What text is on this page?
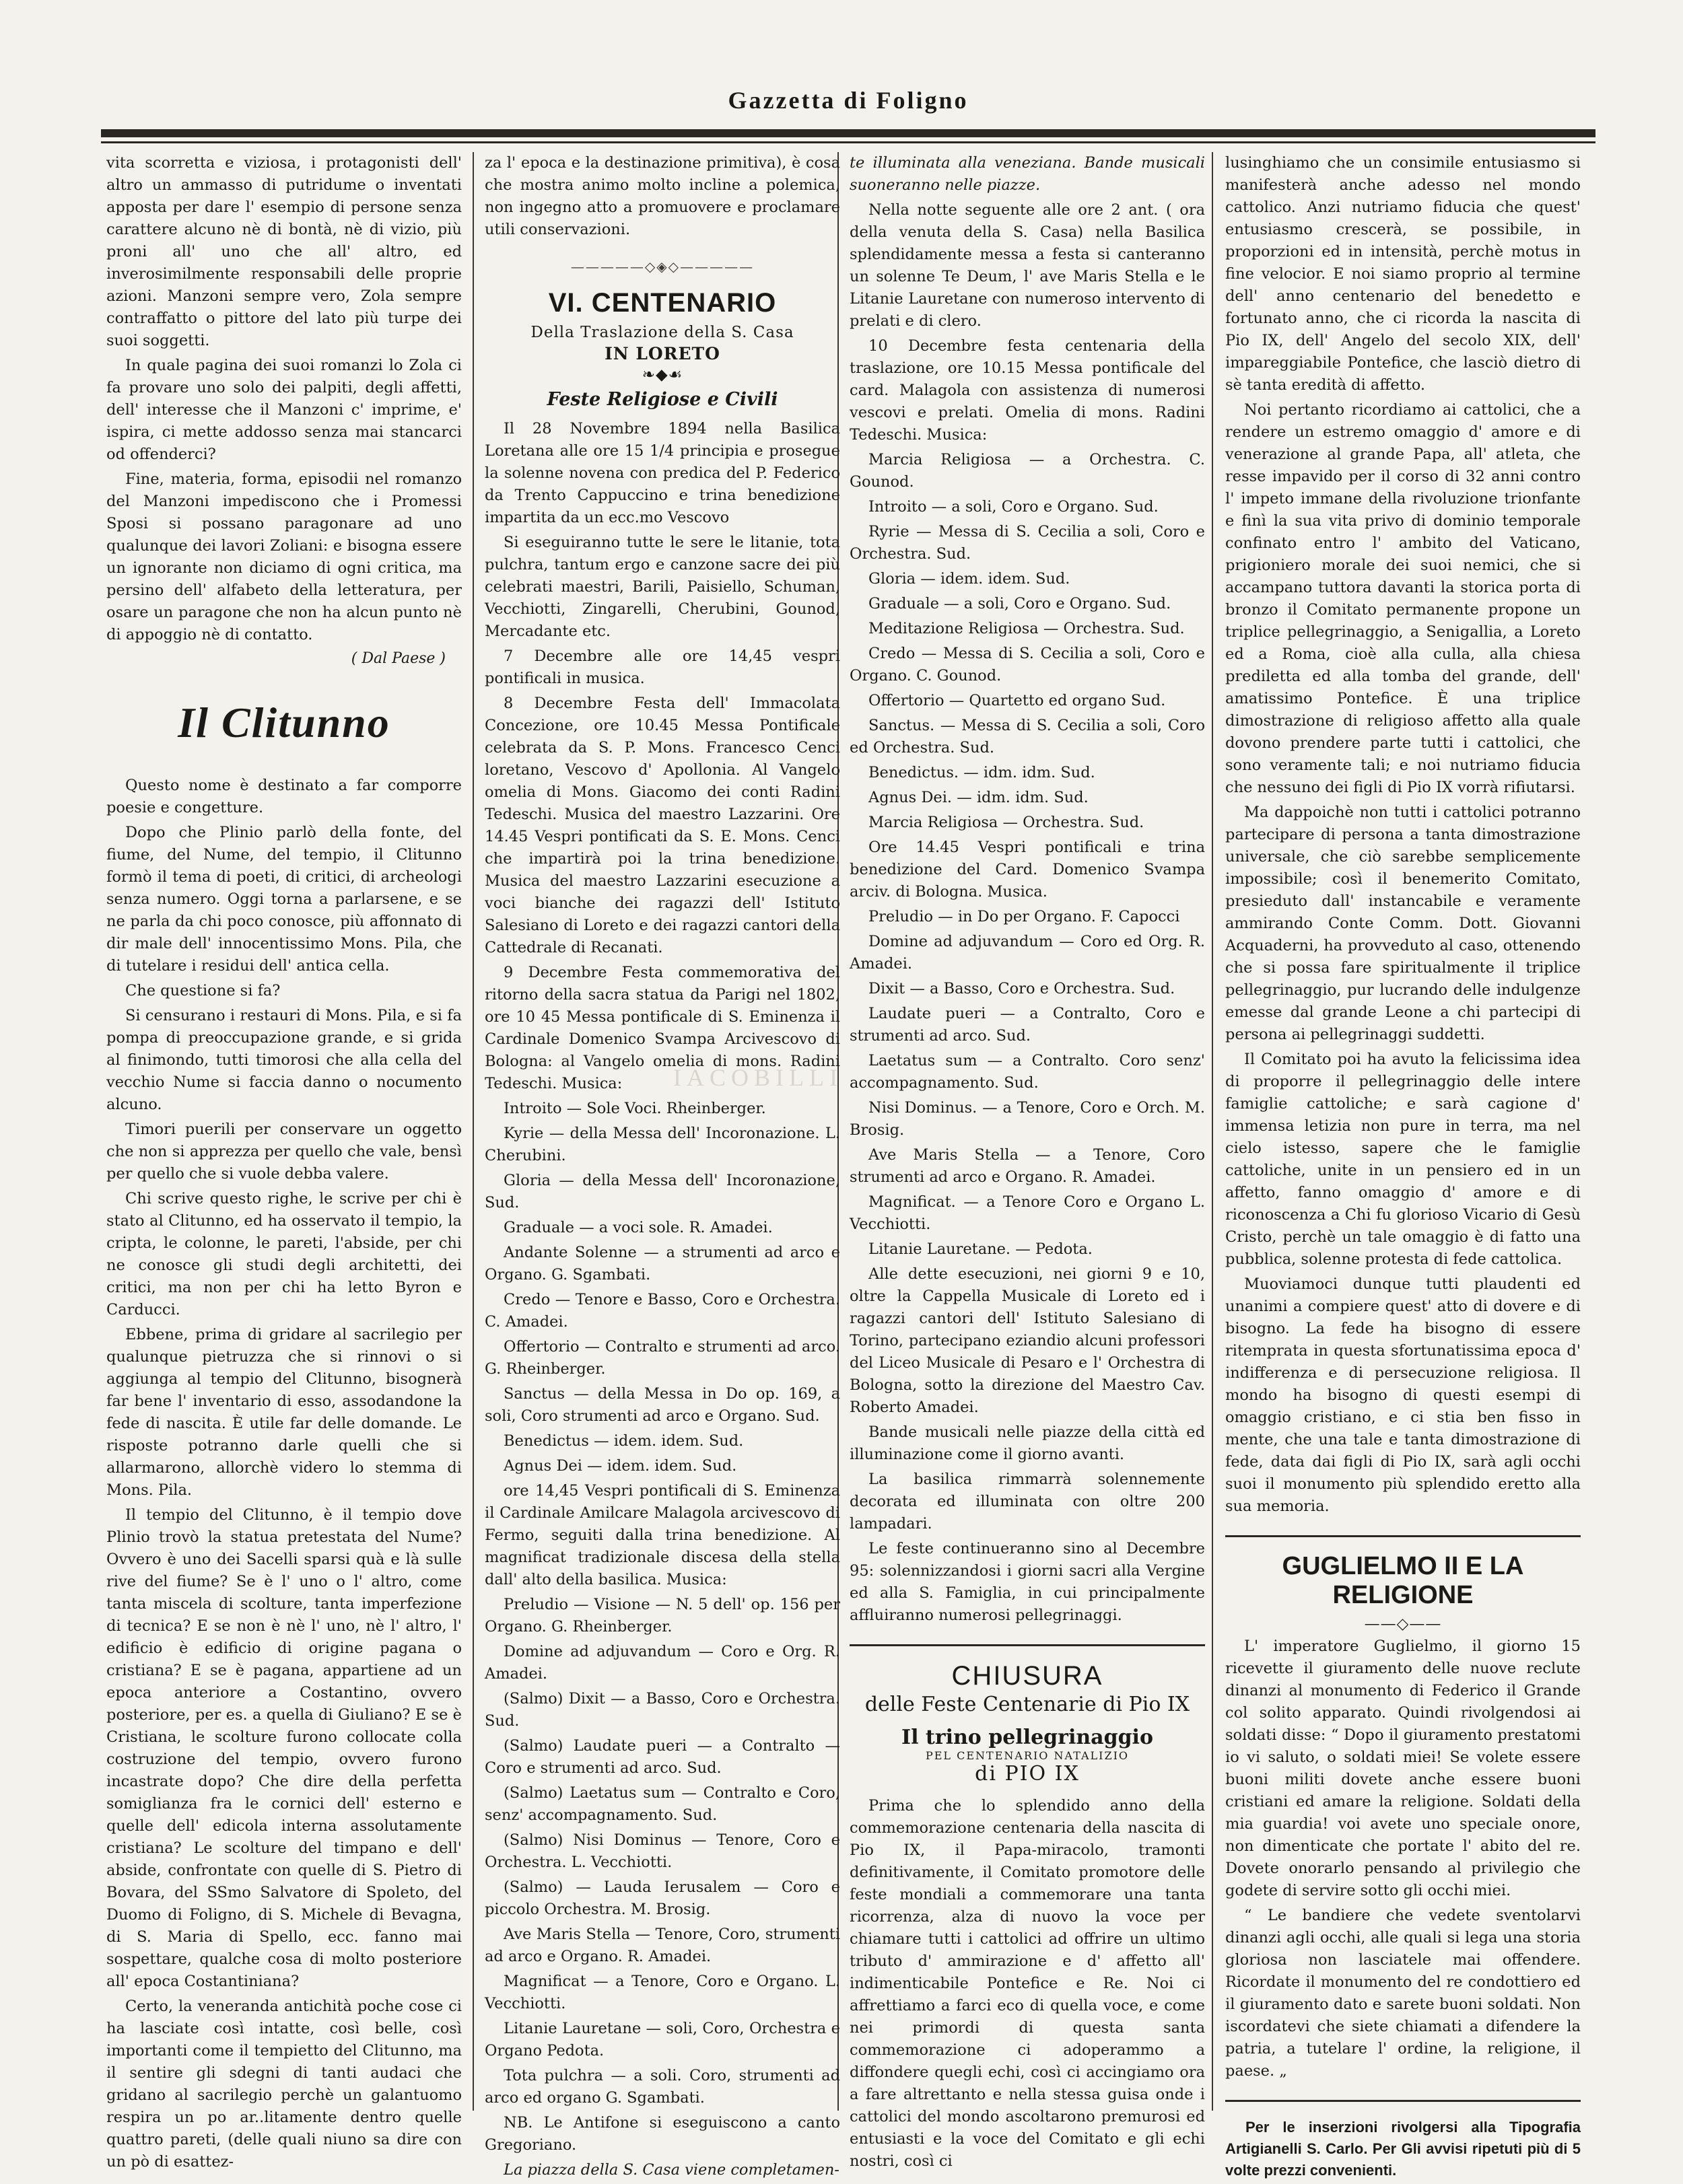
Gazzetta di Foligno
IACOBILLI

vita scorretta e viziosa, i protagonisti dell' altro un ammasso di putridume o inventati apposta per dare l' esempio di persone senza carattere alcuno nè di bontà, nè di vizio, più proni all' uno che all' altro, ed inverosimilmente responsabili delle proprie azioni. Manzoni sempre vero, Zola sempre contraffatto o pittore del lato più turpe dei suoi soggetti.

In quale pagina dei suoi romanzi lo Zola ci fa provare uno solo dei palpiti, degli affetti, dell' interesse che il Manzoni c' imprime, e' ispira, ci mette addosso senza mai stancarci od offenderci?

Fine, materia, forma, episodii nel romanzo del Manzoni impediscono che i Promessi Sposi si possano paragonare ad uno qualunque dei lavori Zoliani: e bisogna essere un ignorante non diciamo di ogni critica, ma persino dell' alfabeto della letteratura, per osare un paragone che non ha alcun punto nè di appoggio nè di contatto.

( Dal Paese )

Il Clitunno

Questo nome è destinato a far comporre poesie e congetture.

Dopo che Plinio parlò della fonte, del fiume, del Nume, del tempio, il Clitunno formò il tema di poeti, di critici, di archeologi senza numero. Oggi torna a parlarsene, e se ne parla da chi poco conosce, più affonnato di dir male dell' innocentissimo Mons. Pila, che di tutelare i residui dell' antica cella.

Che questione si fa?

Si censurano i restauri di Mons. Pila, e si fa pompa di preoccupazione grande, e si grida al finimondo, tutti timorosi che alla cella del vecchio Nume si faccia danno o nocumento alcuno.

Timori puerili per conservare un oggetto che non si apprezza per quello che vale, bensì per quello che si vuole debba valere.

Chi scrive questo righe, le scrive per chi è stato al Clitunno, ed ha osservato il tempio, la cripta, le colonne, le pareti, l'abside, per chi ne conosce gli studi degli architetti, dei critici, ma non per chi ha letto Byron e Carducci.

Ebbene, prima di gridare al sacrilegio per qualunque pietruzza che si rinnovi o si aggiunga al tempio del Clitunno, bisognerà far bene l' inventario di esso, assodandone la fede di nascita. È utile far delle domande. Le risposte potranno darle quelli che si allarmarono, allorchè videro lo stemma di Mons. Pila.

Il tempio del Clitunno, è il tempio dove Plinio trovò la statua pretestata del Nume? Ovvero è uno dei Sacelli sparsi quà e là sulle rive del fiume? Se è l' uno o l' altro, come tanta miscela di scolture, tanta imperfezione di tecnica? E se non è nè l' uno, nè l' altro, l' edificio è edificio di origine pagana o cristiana? E se è pagana, appartiene ad un epoca anteriore a Costantino, ovvero posteriore, per es. a quella di Giuliano? E se è Cristiana, le scolture furono collocate colla costruzione del tempio, ovvero furono incastrate dopo? Che dire della perfetta somiglianza fra le cornici dell' esterno e quelle dell' edicola interna assolutamente cristiana? Le scolture del timpano e dell' abside, confrontate con quelle di S. Pietro di Bovara, del SSmo Salvatore di Spoleto, del Duomo di Foligno, di S. Michele di Bevagna, di S. Maria di Spello, ecc. fanno mai sospettare, qualche cosa di molto posteriore all' epoca Costantiniana?

Certo, la veneranda antichità poche cose ci ha lasciate così intatte, così belle, così importanti come il tempietto del Clitunno, ma il sentire gli sdegni di tanti audaci che gridano al sacrilegio perchè un galantuomo respira un po ar..litamente dentro quelle quattro pareti, (delle quali niuno sa dire con un pò di esattez-

za l' epoca e la destinazione primitiva), è cosa che mostra animo molto incline a polemica, non ingegno atto a promuovere e proclamare utili conservazioni.

—————◇◈◇—————
VI. CENTENARIO
Della Traslazione della S. Casa
IN LORETO
❧◆☙
Feste Religiose e Civili

Il 28 Novembre 1894 nella Basilica Loretana alle ore 15 1/4 principia e prosegue la solenne novena con predica del P. Federico da Trento Cappuccino e trina benedizione impartita da un ecc.mo Vescovo

Si eseguiranno tutte le sere le litanie, tota pulchra, tantum ergo e canzone sacre dei più celebrati maestri, Barili, Paisiello, Schuman, Vecchiotti, Zingarelli, Cherubini, Gounod, Mercadante etc.

7 Decembre alle ore 14,45 vespri pontificali in musica.

8 Decembre Festa dell' Immacolata Concezione, ore 10.45 Messa Pontificale celebrata da S. P. Mons. Francesco Cenci loretano, Vescovo d' Apollonia. Al Vangelo omelia di Mons. Giacomo dei conti Radini Tedeschi. Musica del maestro Lazzarini. Ore 14.45 Vespri pontificati da S. E. Mons. Cenci che impartirà poi la trina benedizione. Musica del maestro Lazzarini esecuzione a voci bianche dei ragazzi dell' Istituto Salesiano di Loreto e dei ragazzi cantori della Cattedrale di Recanati.

9 Decembre Festa commemorativa del ritorno della sacra statua da Parigi nel 1802, ore 10 45 Messa pontificale di S. Eminenza il Cardinale Domenico Svampa Arcivescovo di Bologna: al Vangelo omelia di mons. Radini Tedeschi. Musica:

Introito — Sole Voci. Rheinberger.

Kyrie — della Messa dell' Incoronazione. L. Cherubini.

Gloria — della Messa dell' Incoronazione, Sud.

Graduale — a voci sole. R. Amadei.

Andante Solenne — a strumenti ad arco e Organo. G. Sgambati.

Credo — Tenore e Basso, Coro e Orchestra. C. Amadei.

Offertorio — Contralto e strumenti ad arco. G. Rheinberger.

Sanctus — della Messa in Do op. 169, a soli, Coro strumenti ad arco e Organo. Sud.

Benedictus — idem. idem. Sud.

Agnus Dei — idem. idem. Sud.

ore 14,45 Vespri pontificali di S. Eminenza il Cardinale Amilcare Malagola arcivescovo di Fermo, seguiti dalla trina benedizione. Al magnificat tradizionale discesa della stella dall' alto della basilica. Musica:

Preludio — Visione — N. 5 dell' op. 156 per Organo. G. Rheinberger.

Domine ad adjuvandum — Coro e Org. R. Amadei.

(Salmo) Dixit — a Basso, Coro e Orchestra. Sud.

(Salmo) Laudate pueri — a Contralto — Coro e strumenti ad arco. Sud.

(Salmo) Laetatus sum — Contralto e Coro, senz' accompagnamento. Sud.

(Salmo) Nisi Dominus — Tenore, Coro e Orchestra. L. Vecchiotti.

(Salmo) — Lauda Ierusalem — Coro e piccolo Orchestra. M. Brosig.

Ave Maris Stella — Tenore, Coro, strumenti ad arco e Organo. R. Amadei.

Magnificat — a Tenore, Coro e Organo. L. Vecchiotti.

Litanie Lauretane — soli, Coro, Orchestra e Organo Pedota.

Tota pulchra — a soli. Coro, strumenti ad arco ed organo G. Sgambati.

NB. Le Antifone si eseguiscono a canto Gregoriano.

La piazza della S. Casa viene completamen-

te illuminata alla veneziana. Bande musicali suoneranno nelle piazze.

Nella notte seguente alle ore 2 ant. ( ora della venuta della S. Casa) nella Basilica splendidamente messa a festa si canteranno un solenne Te Deum, l' ave Maris Stella e le Litanie Lauretane con numeroso intervento di prelati e di clero.

10 Decembre festa centenaria della traslazione, ore 10.15 Messa pontificale del card. Malagola con assistenza di numerosi vescovi e prelati. Omelia di mons. Radini Tedeschi. Musica:

Marcia Religiosa — a Orchestra. C. Gounod.

Introito — a soli, Coro e Organo. Sud.

Ryrie — Messa di S. Cecilia a soli, Coro e Orchestra. Sud.

Gloria — idem. idem. Sud.

Graduale — a soli, Coro e Organo. Sud.

Meditazione Religiosa — Orchestra. Sud.

Credo — Messa di S. Cecilia a soli, Coro e Organo. C. Gounod.

Offertorio — Quartetto ed organo Sud.

Sanctus. — Messa di S. Cecilia a soli, Coro ed Orchestra. Sud.

Benedictus. — idm. idm. Sud.

Agnus Dei. — idm. idm. Sud.

Marcia Religiosa — Orchestra. Sud.

Ore 14.45 Vespri pontificali e trina benedizione del Card. Domenico Svampa arciv. di Bologna. Musica.

Preludio — in Do per Organo. F. Capocci

Domine ad adjuvandum — Coro ed Org. R. Amadei.

Dixit — a Basso, Coro e Orchestra. Sud.

Laudate pueri — a Contralto, Coro e strumenti ad arco. Sud.

Laetatus sum — a Contralto. Coro senz' accompagnamento. Sud.

Nisi Dominus. — a Tenore, Coro e Orch. M. Brosig.

Ave Maris Stella — a Tenore, Coro strumenti ad arco e Organo. R. Amadei.

Magnificat. — a Tenore Coro e Organo L. Vecchiotti.

Litanie Lauretane. — Pedota.

Alle dette esecuzioni, nei giorni 9 e 10, oltre la Cappella Musicale di Loreto ed i ragazzi cantori dell' Istituto Salesiano di Torino, partecipano eziandio alcuni professori del Liceo Musicale di Pesaro e l' Orchestra di Bologna, sotto la direzione del Maestro Cav. Roberto Amadei.

Bande musicali nelle piazze della città ed illuminazione come il giorno avanti.

La basilica rimmarrà solennemente decorata ed illuminata con oltre 200 lampadari.

Le feste continueranno sino al Decembre 95: solennizzandosi i giorni sacri alla Vergine ed alla S. Famiglia, in cui principalmente affluiranno numerosi pellegrinaggi.

CHIUSURA
delle Feste Centenarie di Pio IX
Il trino pellegrinaggio
PEL CENTENARIO NATALIZIO
di PIO IX

Prima che lo splendido anno della commemorazione centenaria della nascita di Pio IX, il Papa-miracolo, tramonti definitivamente, il Comitato promotore delle feste mondiali a commemorare una tanta ricorrenza, alza di nuovo la voce per chiamare tutti i cattolici ad offrire un ultimo tributo d' ammirazione e d' affetto all' indimenticabile Pontefice e Re. Noi ci affrettiamo a farci eco di quella voce, e come nei primordi di questa santa commemorazione ci adoperammo a diffondere quegli echi, così ci accingiamo ora a fare altrettanto e nella stessa guisa onde i cattolici del mondo ascoltarono premurosi ed entusiasti e la voce del Comitato e gli echi nostri, così ci

lusinghiamo che un consimile entusiasmo si manifesterà anche adesso nel mondo cattolico. Anzi nutriamo fiducia che quest' entusiasmo crescerà, se possibile, in proporzioni ed in intensità, perchè motus in fine velocior. E noi siamo proprio al termine dell' anno centenario del benedetto e fortunato anno, che ci ricorda la nascita di Pio IX, dell' Angelo del secolo XIX, dell' impareggiabile Pontefice, che lasciò dietro di sè tanta eredità di affetto.

Noi pertanto ricordiamo ai cattolici, che a rendere un estremo omaggio d' amore e di venerazione al grande Papa, all' atleta, che resse impavido per il corso di 32 anni contro l' impeto immane della rivoluzione trionfante e finì la sua vita privo di dominio temporale confinato entro l' ambito del Vaticano, prigioniero morale dei suoi nemici, che si accampano tuttora davanti la storica porta di bronzo il Comitato permanente propone un triplice pellegrinaggio, a Senigallia, a Loreto ed a Roma, cioè alla culla, alla chiesa prediletta ed alla tomba del grande, dell' amatissimo Pontefice. È una triplice dimostrazione di religioso affetto alla quale dovono prendere parte tutti i cattolici, che sono veramente tali; e noi nutriamo fiducia che nessuno dei figli di Pio IX vorrà rifiutarsi.

Ma dappoichè non tutti i cattolici potranno partecipare di persona a tanta dimostrazione universale, che ciò sarebbe semplicemente impossibile; così il benemerito Comitato, presieduto dall' instancabile e veramente ammirando Conte Comm. Dott. Giovanni Acquaderni, ha provveduto al caso, ottenendo che si possa fare spiritualmente il triplice pellegrinaggio, pur lucrando delle indulgenze emesse dal grande Leone a chi partecipi di persona ai pellegrinaggi suddetti.

Il Comitato poi ha avuto la felicissima idea di proporre il pellegrinaggio delle intere famiglie cattoliche; e sarà cagione d' immensa letizia non pure in terra, ma nel cielo istesso, sapere che le famiglie cattoliche, unite in un pensiero ed in un affetto, fanno omaggio d' amore e di riconoscenza a Chi fu glorioso Vicario di Gesù Cristo, perchè un tale omaggio è di fatto una pubblica, solenne protesta di fede cattolica.

Muoviamoci dunque tutti plaudenti ed unanimi a compiere quest' atto di dovere e di bisogno. La fede ha bisogno di essere ritemprata in questa sfortunatissima epoca d' indifferenza e di persecuzione religiosa. Il mondo ha bisogno di questi esempi di omaggio cristiano, e ci stia ben fisso in mente, che una tale e tanta dimostrazione di fede, data dai figli di Pio IX, sarà agli occhi suoi il monumento più splendido eretto alla sua memoria.

GUGLIELMO II E LA RELIGIONE
——◇——

L' imperatore Guglielmo, il giorno 15 ricevette il giuramento delle nuove reclute dinanzi al monumento di Federico il Grande col solito apparato. Quindi rivolgendosi ai soldati disse: “ Dopo il giuramento prestatomi io vi saluto, o soldati miei! Se volete essere buoni militi dovete anche essere buoni cristiani ed amare la religione. Soldati della mia guardia! voi avete uno speciale onore, non dimenticate che portate l' abito del re. Dovete onorarlo pensando al privilegio che godete di servire sotto gli occhi miei.

“ Le bandiere che vedete sventolarvi dinanzi agli occhi, alle quali si lega una storia gloriosa non lasciatele mai offendere. Ricordate il monumento del re condottiero ed il giuramento dato e sarete buoni soldati. Non iscordatevi che siete chiamati a difendere la patria, a tutelare l' ordine, la religione, il paese. „

Per le inserzioni rivolgersi alla Tipografia Artigianelli S. Carlo. Per Gli avvisi ripetuti più di 5 volte prezzi convenienti.
